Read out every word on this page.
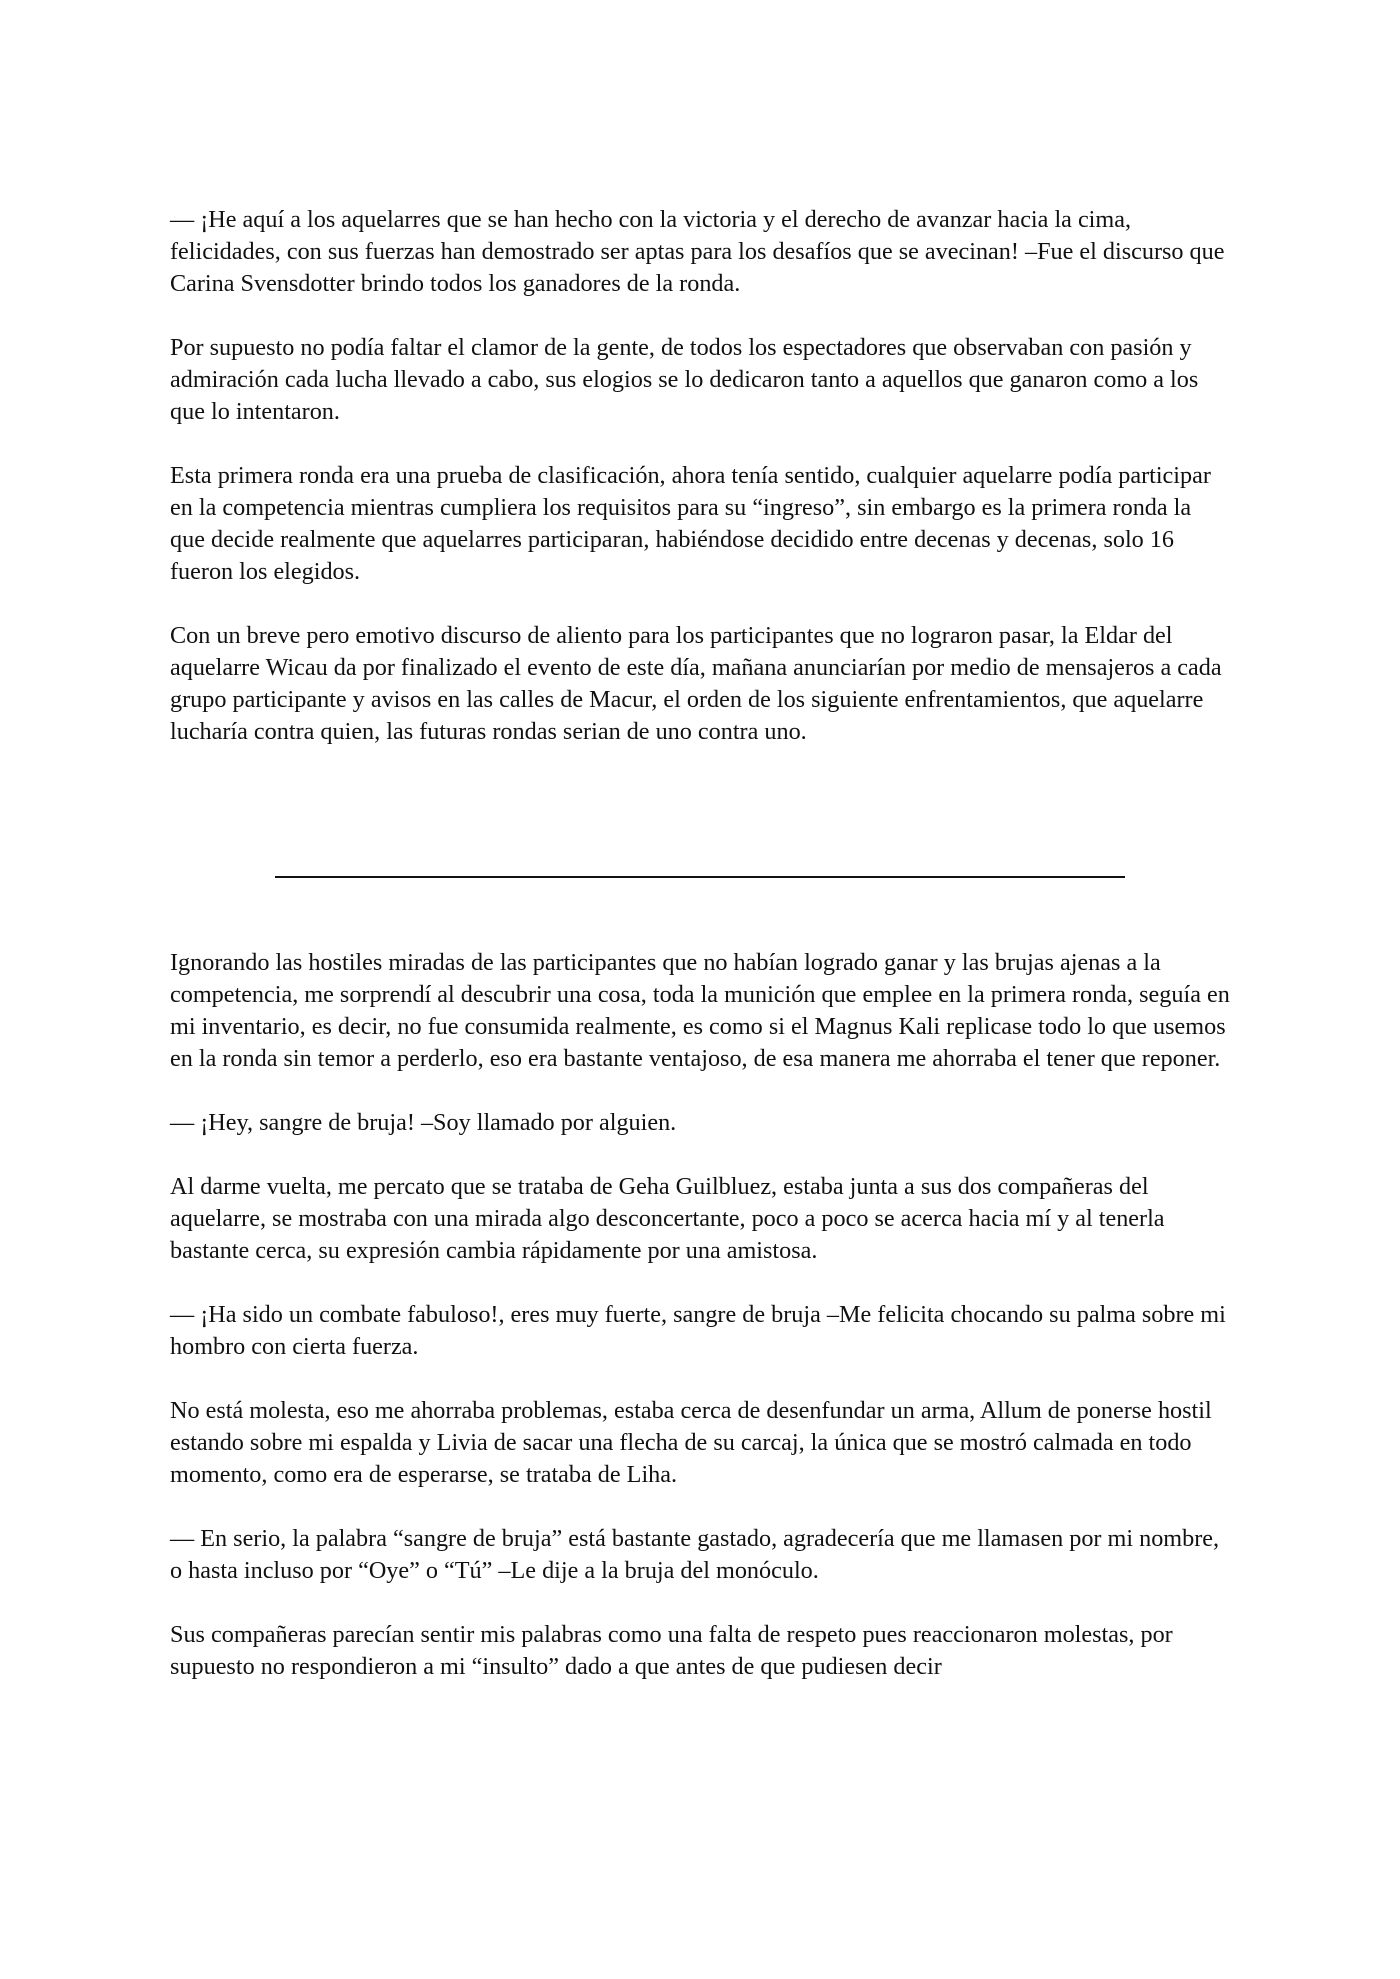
— ¡He aquí a los aquelarres que se han hecho con la victoria y el derecho de avanzar hacia la cima, felicidades, con sus fuerzas han demostrado ser aptas para los desafíos que se avecinan! –Fue el discurso que Carina Svensdotter brindo todos los ganadores de la ronda.

Por supuesto no podía faltar el clamor de la gente, de todos los espectadores que observaban con pasión y admiración cada lucha llevado a cabo, sus elogios se lo dedicaron tanto a aquellos que ganaron como a los que lo intentaron.

Esta primera ronda era una prueba de clasificación, ahora tenía sentido, cualquier aquelarre podía participar en la competencia mientras cumpliera los requisitos para su “ingreso”, sin embargo es la primera ronda la que decide realmente que aquelarres participaran, habiéndose decidido entre decenas y decenas, solo 16 fueron los elegidos.

Con un breve pero emotivo discurso de aliento para los participantes que no lograron pasar, la Eldar del aquelarre Wicau da por finalizado el evento de este día, mañana anunciarían por medio de mensajeros a cada grupo participante y avisos en las calles de Macur, el orden de los siguiente enfrentamientos, que aquelarre lucharía contra quien, las futuras rondas serian de uno contra uno.

Ignorando las hostiles miradas de las participantes que no habían logrado ganar y las brujas ajenas a la competencia, me sorprendí al descubrir una cosa, toda la munición que emplee en la primera ronda, seguía en mi inventario, es decir, no fue consumida realmente, es como si el Magnus Kali replicase todo lo que usemos en la ronda sin temor a perderlo, eso era bastante ventajoso, de esa manera me ahorraba el tener que reponer.

— ¡Hey, sangre de bruja! –Soy llamado por alguien.

Al darme vuelta, me percato que se trataba de Geha Guilbluez, estaba junta a sus dos compañeras del aquelarre, se mostraba con una mirada algo desconcertante, poco a poco se acerca hacia mí y al tenerla bastante cerca, su expresión cambia rápidamente por una amistosa.

— ¡Ha sido un combate fabuloso!, eres muy fuerte, sangre de bruja –Me felicita chocando su palma sobre mi hombro con cierta fuerza.

No está molesta, eso me ahorraba problemas, estaba cerca de desenfundar un arma, Allum de ponerse hostil estando sobre mi espalda y Livia de sacar una flecha de su carcaj, la única que se mostró calmada en todo momento, como era de esperarse, se trataba de Liha.

— En serio, la palabra “sangre de bruja” está bastante gastado, agradecería que me llamasen por mi nombre, o hasta incluso por “Oye” o “Tú” –Le dije a la bruja del monóculo.

Sus compañeras parecían sentir mis palabras como una falta de respeto pues reaccionaron molestas, por supuesto no respondieron a mi “insulto” dado a que antes de que pudiesen decir
